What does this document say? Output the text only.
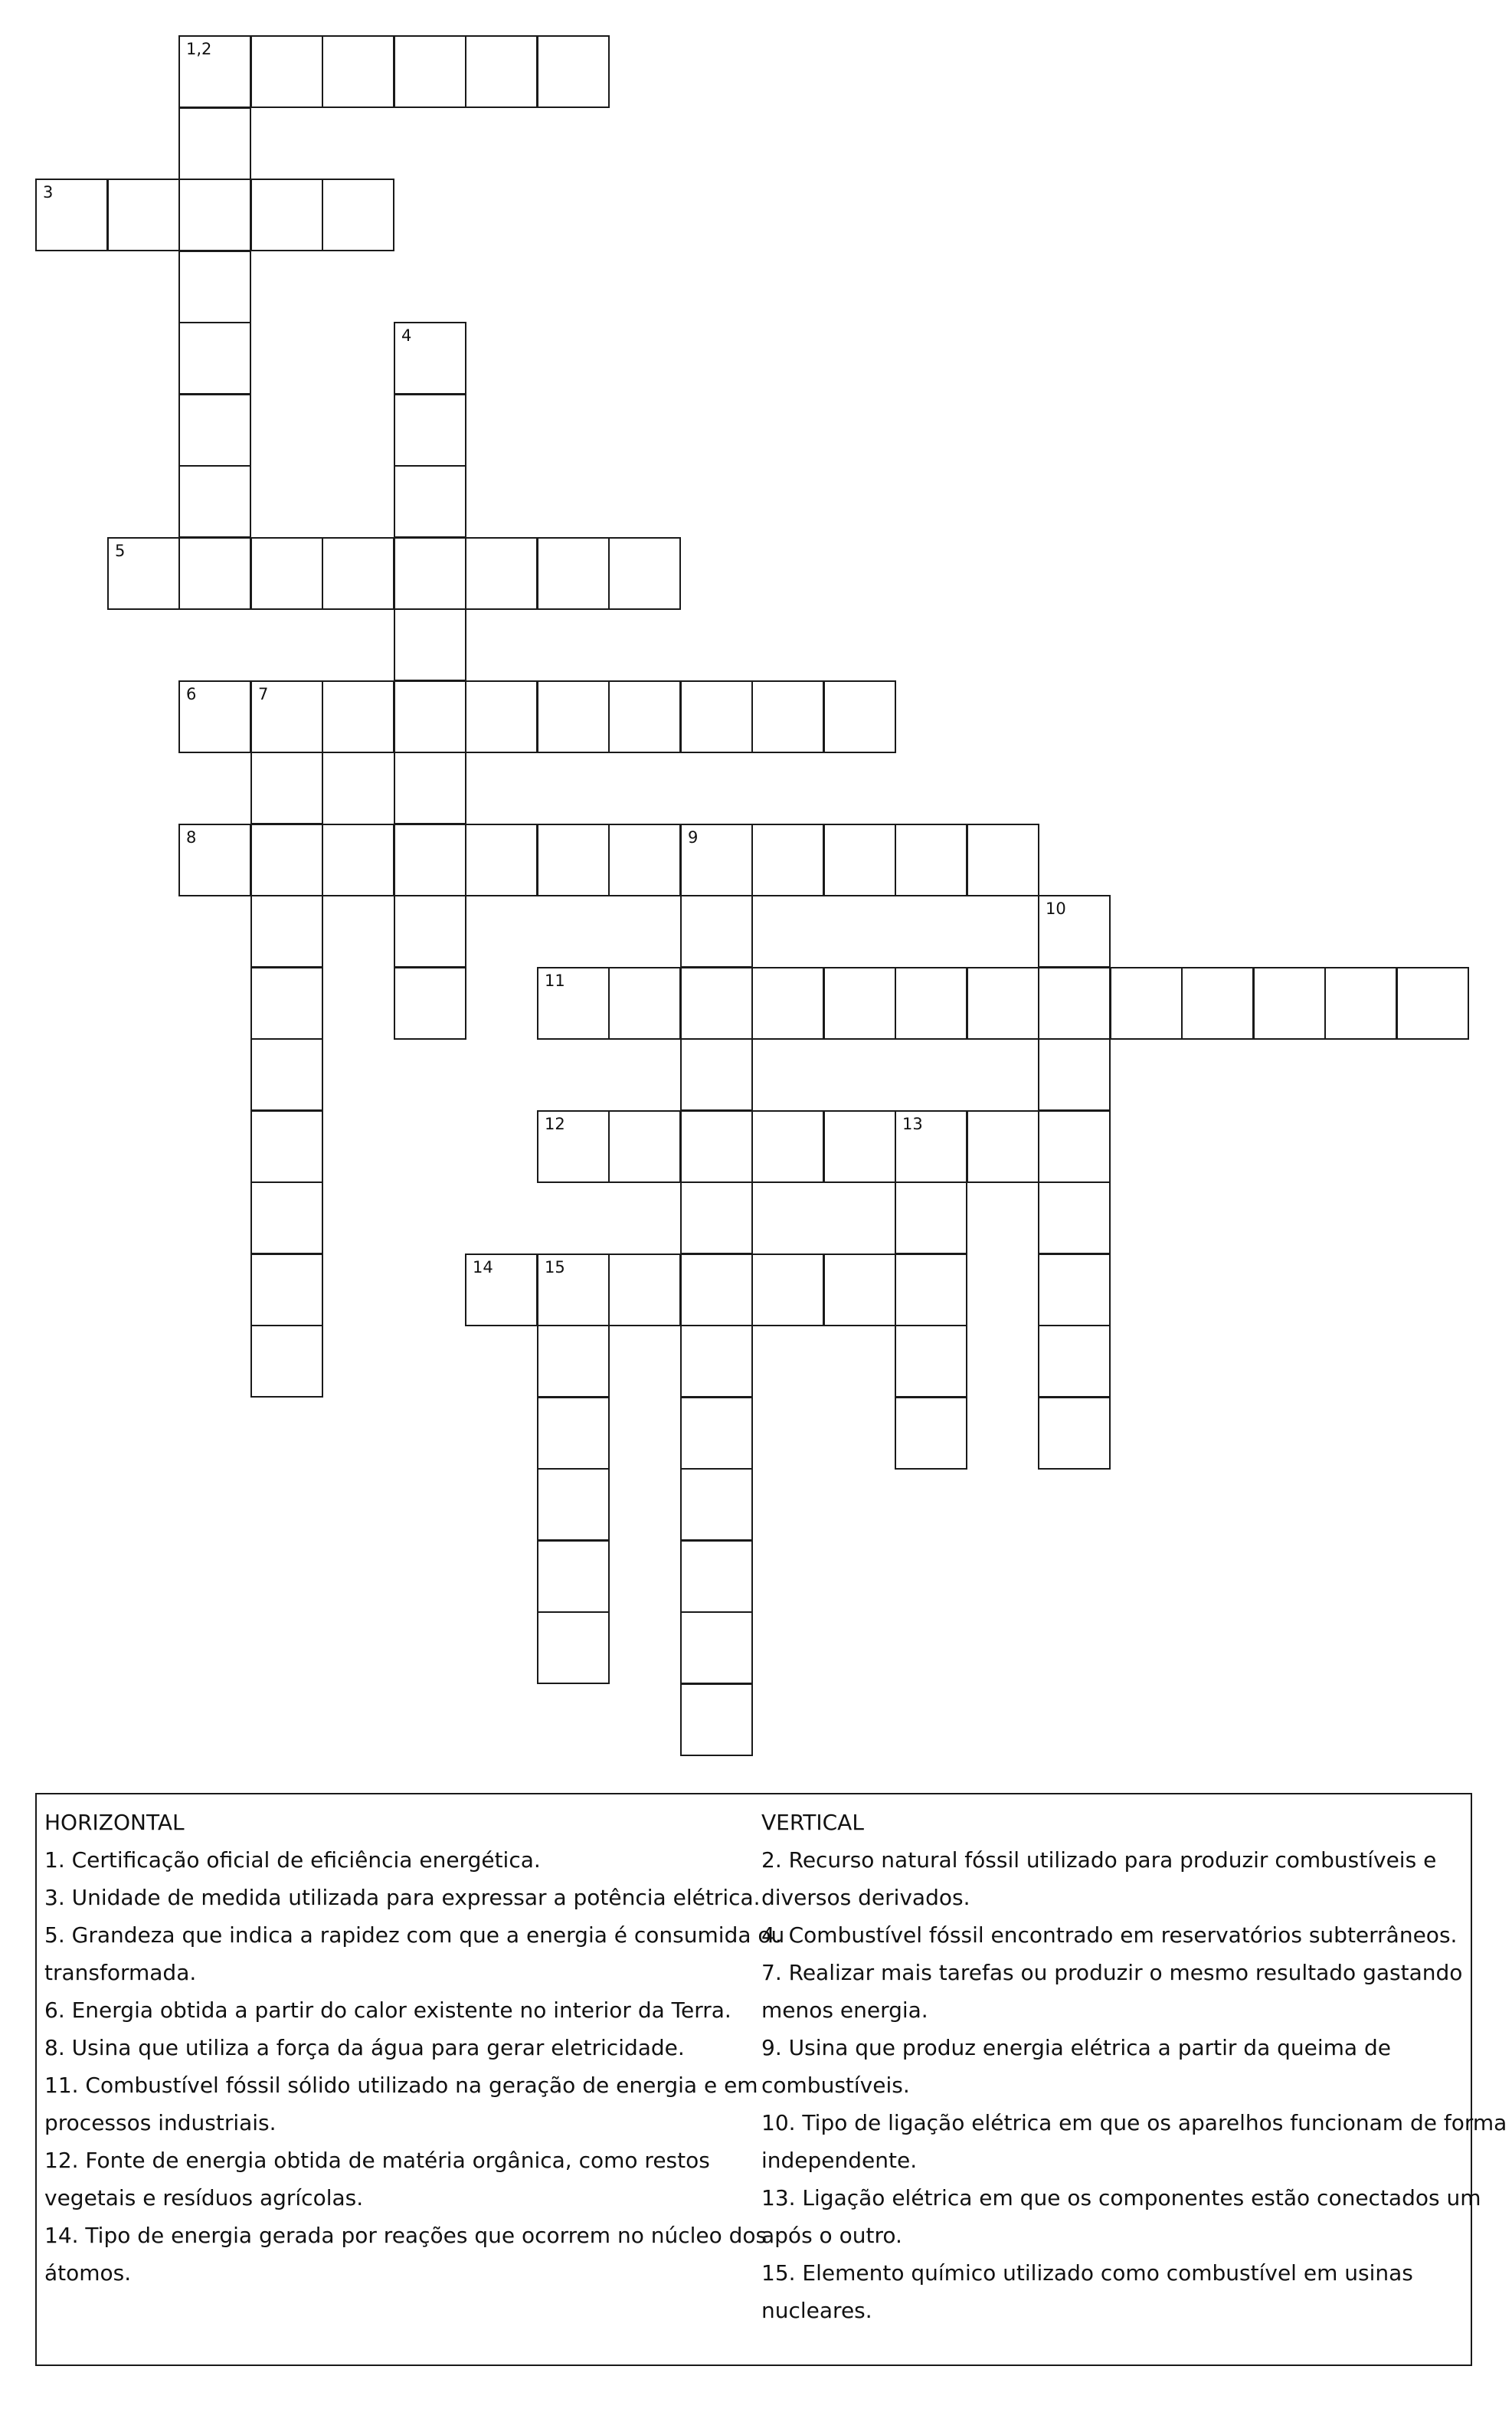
1,2
3
4
5
6	7
8	9
10
11
12	13
14	15
HORIZONTAL
1. Certificação oficial de eficiência energética.
3. Unidade de medida utilizada para expressar a potência elétrica.
5. Grandeza que indica a rapidez com que a energia é consumida ou
transformada.
6. Energia obtida a partir do calor existente no interior da Terra.
8. Usina que utiliza a força da água para gerar eletricidade.
11. Combustível fóssil sólido utilizado na geração de energia e em
processos industriais.
12. Fonte de energia obtida de matéria orgânica, como restos
vegetais e resíduos agrícolas.
14. Tipo de energia gerada por reações que ocorrem no núcleo dos
átomos.
VERTICAL
2. Recurso natural fóssil utilizado para produzir combustíveis e
diversos derivados.
4. Combustível fóssil encontrado em reservatórios subterrâneos.
7. Realizar mais tarefas ou produzir o mesmo resultado gastando
menos energia.
9. Usina que produz energia elétrica a partir da queima de
combustíveis.
10. Tipo de ligação elétrica em que os aparelhos funcionam de forma
independente.
13. Ligação elétrica em que os componentes estão conectados um
após o outro.
15. Elemento químico utilizado como combustível em usinas
nucleares.
